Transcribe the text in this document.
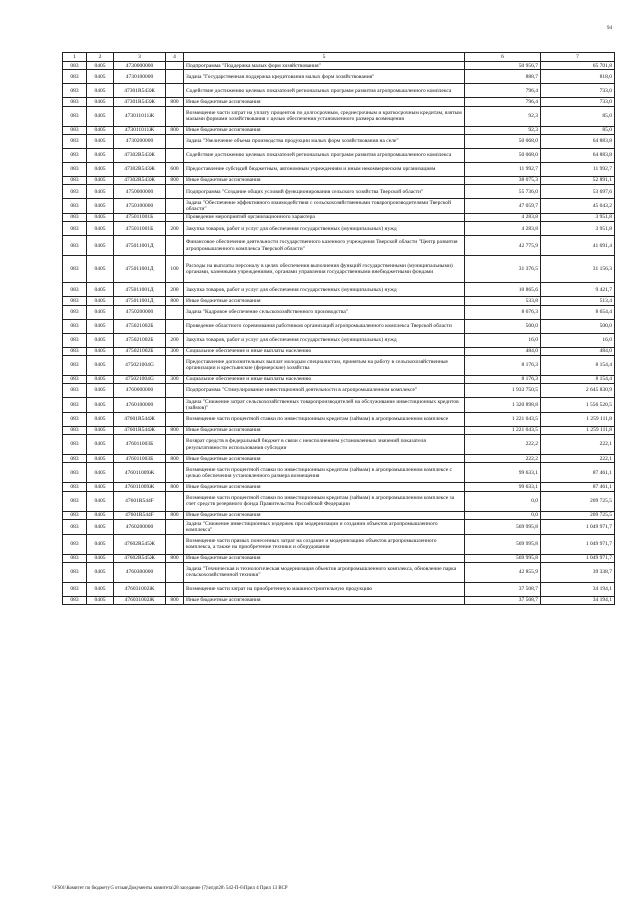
94
1	2	3	4	5	6	7
083	0405	4730000000		Подпрограмма "Поддержка малых форм хозяйствования"	50 956,7	65 701,8
083	0405	4730100000		Задача "Государственная поддержка кредитования малых форм хозяйствования"	888,7	818,0
083	0405	47301R543Ж		Содействие достижению целевых показателей региональных программ развития агропромышленного комплекса	796,4	733,0
083	0405	47301R543Ж	800	Иные бюджетные ассигнования	796,4	733,0
083	0405	473011011Ж		Возмещение части затрат на уплату процентов по долгосрочным, среднесрочным и краткосрочным кредитам, взятым малыми формами хозяйствования с целью обеспечения установленного размера возмещения	92,3	85,0
083	0405	473011011Ж	800	Иные бюджетные ассигнования	92,3	85,0
083	0405	4730200000		Задача "Увеличение объема производства продукции малых форм хозяйствования на селе"	50 068,0	64 883,8
083	0405	47302R543Ж		Содействие достижению целевых показателей региональных программ развития агропромышленного комплекса	50 068,0	64 883,8
083	0405	47302R543Ж	600	Предоставление субсидий бюджетным, автономным учреждениям и иным некоммерческим организациям	11 992,7	11 992,7
083	0405	47302R543Ж	800	Иные бюджетные ассигнования	38 075,3	52 891,1
083	0405	4750000000		Подпрограмма "Создание общих условий функционирования сельского хозяйства Тверской области"	55 736,0	53 697,6
083	0405	4750100000		Задача "Обеспечение эффективного взаимодействия с сельскохозяйственными товаропроизводителями Тверской области"	47 059,7	45 043,2
083	0405	475011001Б		Проведение мероприятий организационного характера	4 283,8	3 951,8
083	0405	475011001Б	200	Закупка товаров, работ и услуг для обеспечения государственных (муниципальных) нужд	4 283,8	3 951,8
083	0405	475011001Д		Финансовое обеспечение деятельности государственного казенного учреждения Тверской области "Центр развития агропромышленного комплекса Тверской области"	42 775,9	41 091,4
083	0405	475011001Д	100	Расходы на выплаты персоналу в целях обеспечения выполнения функций государственными (муниципальными) органами, казенными учреждениями, органами управления государственными внебюджетными фондами	31 376,5	31 156,3
083	0405	475011001Д	200	Закупка товаров, работ и услуг для обеспечения государственных (муниципальных) нужд	10 865,6	9 421,7
083	0405	475011001Д	800	Иные бюджетные ассигнования	533,8	513,4
083	0405	4750200000		Задача "Кадровое обеспечение сельскохозяйственного производства"	8 676,3	8 654,4
083	0405	475021002Б		Проведение областного соревнования работников организаций агропромышленного комплекса Тверской области	500,0	500,0
083	0405	475021002Б	200	Закупка товаров, работ и услуг для обеспечения государственных (муниципальных) нужд	16,0	16,0
083	0405	475021002Б	300	Социальное обеспечение и иные выплаты населению	484,0	484,0
083	0405	475021004G		Предоставление дополнительных выплат молодым специалистам, принятым на работу в сельскохозяйственные организации и крестьянские (фермерские) хозяйства	8 176,3	8 154,4
083	0405	475021004G	300	Социальное обеспечение и иные выплаты населению	8 176,3	8 154,4
083	0405	4760000000		Подпрограмма "Стимулирование инвестиционной деятельности в агропромышленном комплексе"	1 933 750,5	2 645 830,9
083	0405	4760100000		Задача "Снижение затрат сельскохозяйственных товаропроизводителей на обслуживание инвестиционных кредитов (займов)"	1 320 898,8	1 556 520,5
083	0405	47601R544Ж		Возмещение части процентной ставки по инвестиционным кредитам (займам) в агропромышленном комплексе	1 221 043,5	1 259 111,8
083	0405	47601R544Ж	800	Иные бюджетные ассигнования	1 221 043,5	1 259 111,8
083	0405	476011003Б		Возврат средств в федеральный бюджет в связи с неисполнением установленных значений показателя результативности использования субсидии	222,2	222,1
083	0405	476011003Б	800	Иные бюджетные ассигнования	222,2	222,1
083	0405	476011009Ж		Возмещение части процентной ставки по инвестиционным кредитам (займам) в агропромышленном комплексе с целью обеспечения установленного размера возмещения	99 633,1	87 461,1
083	0405	476011009Ж	800	Иные бюджетные ассигнования	99 633,1	87 461,1
083	0405	47601R544F		Возмещение части процентной ставки по инвестиционным кредитам (займам) в агропромышленном комплексе за счет средств резервного фонда Правительства Российской Федерации	0,0	209 725,5
083	0405	47601R544F	800	Иные бюджетные ассигнования	0,0	209 725,5
083	0405	4760200000		Задача "Снижение инвестиционных издержек при модернизации и создании объектов агропромышленного комплекса"	569 995,8	1 049 971,7
083	0405	47602R545Ж		Возмещение части прямых понесенных затрат на создание и модернизацию объектов агропромышленного комплекса, а также на приобретение техники и оборудования	569 995,8	1 049 971,7
083	0405	47602R545Ж	800	Иные бюджетные ассигнования	569 995,8	1 049 971,7
083	0405	4760300000		Задача "Техническая и технологическая модернизация объектов агропромышленного комплекса, обновление парка сельскохозяйственной техники"	42 855,9	39 338,7
083	0405	476031002Ж		Возмещение части затрат на приобретенную машиностроительную продукцию	37 508,7	34 194,1
083	0405	476031002Ж	800	Иные бюджетные ассигнования	37 508,7	34 194,1
\\FS01\Комитет по бюджету\5 отзыв\Документы комитета\28 заседание (7)\игдп28\ 542-П-6\Прил 4 Прил 13 ВСР
